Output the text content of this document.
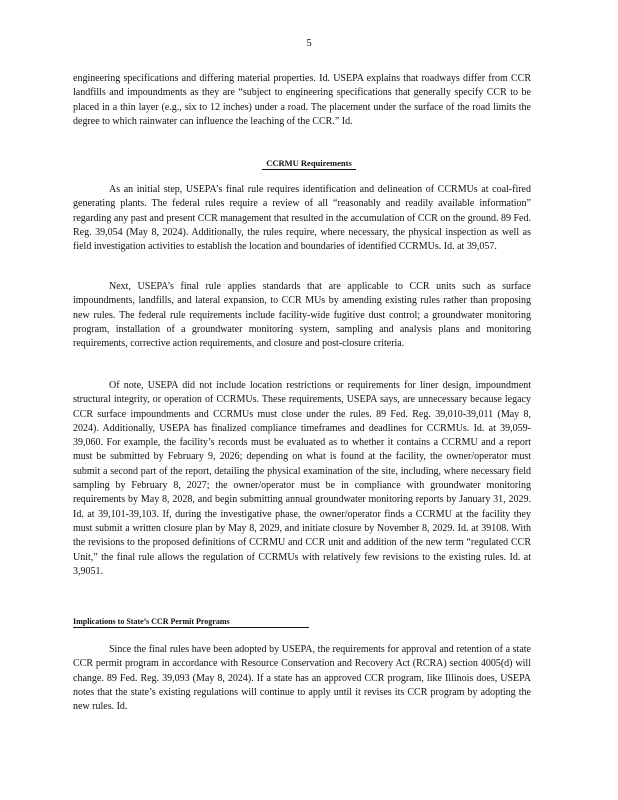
5

engineering specifications and differing material properties. Id. USEPA explains that roadways differ from CCR landfills and impoundments as they are “subject to engineering specifications that generally specify CCR to be placed in a thin layer (e.g., six to 12 inches) under a road. The placement under the surface of the road limits the degree to which rainwater can influence the leaching of the CCR.” Id.

CCRMU Requirements

As an initial step, USEPA’s final rule requires identification and delineation of CCRMUs at coal-fired generating plants. The federal rules require a review of all “reasonably and readily available information” regarding any past and present CCR management that resulted in the accumulation of CCR on the ground. 89 Fed. Reg. 39,054 (May 8, 2024). Additionally, the rules require, where necessary, the physical inspection as well as field investigation activities to establish the location and boundaries of identified CCRMUs. Id. at 39,057.

Next, USEPA’s final rule applies standards that are applicable to CCR units such as surface impoundments, landfills, and lateral expansion, to CCR MUs by amending existing rules rather than proposing new rules. The federal rule requirements include facility-wide fugitive dust control; a groundwater monitoring program, installation of a groundwater monitoring system, sampling and analysis plans and monitoring requirements, corrective action requirements, and closure and post-closure criteria.

Of note, USEPA did not include location restrictions or requirements for liner design, impoundment structural integrity, or operation of CCRMUs. These requirements, USEPA says, are unnecessary because legacy CCR surface impoundments and CCRMUs must close under the rules. 89 Fed. Reg. 39,010-39,011 (May 8, 2024). Additionally, USEPA has finalized compliance timeframes and deadlines for CCRMUs. Id. at 39,059-39,060. For example, the facility’s records must be evaluated as to whether it contains a CCRMU and a report must be submitted by February 9, 2026; depending on what is found at the facility, the owner/operator must submit a second part of the report, detailing the physical examination of the site, including, where necessary field sampling by February 8, 2027; the owner/operator must be in compliance with groundwater monitoring requirements by May 8, 2028, and begin submitting annual groundwater monitoring reports by January 31, 2029. Id. at 39,101-39,103. If, during the investigative phase, the owner/operator finds a CCRMU at the facility they must submit a written closure plan by May 8, 2029, and initiate closure by November 8, 2029. Id. at 39108. With the revisions to the proposed definitions of CCRMU and CCR unit and addition of the new term “regulated CCR Unit,” the final rule allows the regulation of CCRMUs with relatively few revisions to the existing rules. Id. at 3,9051.

Implications to State’s CCR Permit Programs

Since the final rules have been adopted by USEPA, the requirements for approval and retention of a state CCR permit program in accordance with Resource Conservation and Recovery Act (RCRA) section 4005(d) will change. 89 Fed. Reg. 39,093 (May 8, 2024). If a state has an approved CCR program, like Illinois does, USEPA notes that the state’s existing regulations will continue to apply until it revises its CCR program by adopting the new rules. Id.
